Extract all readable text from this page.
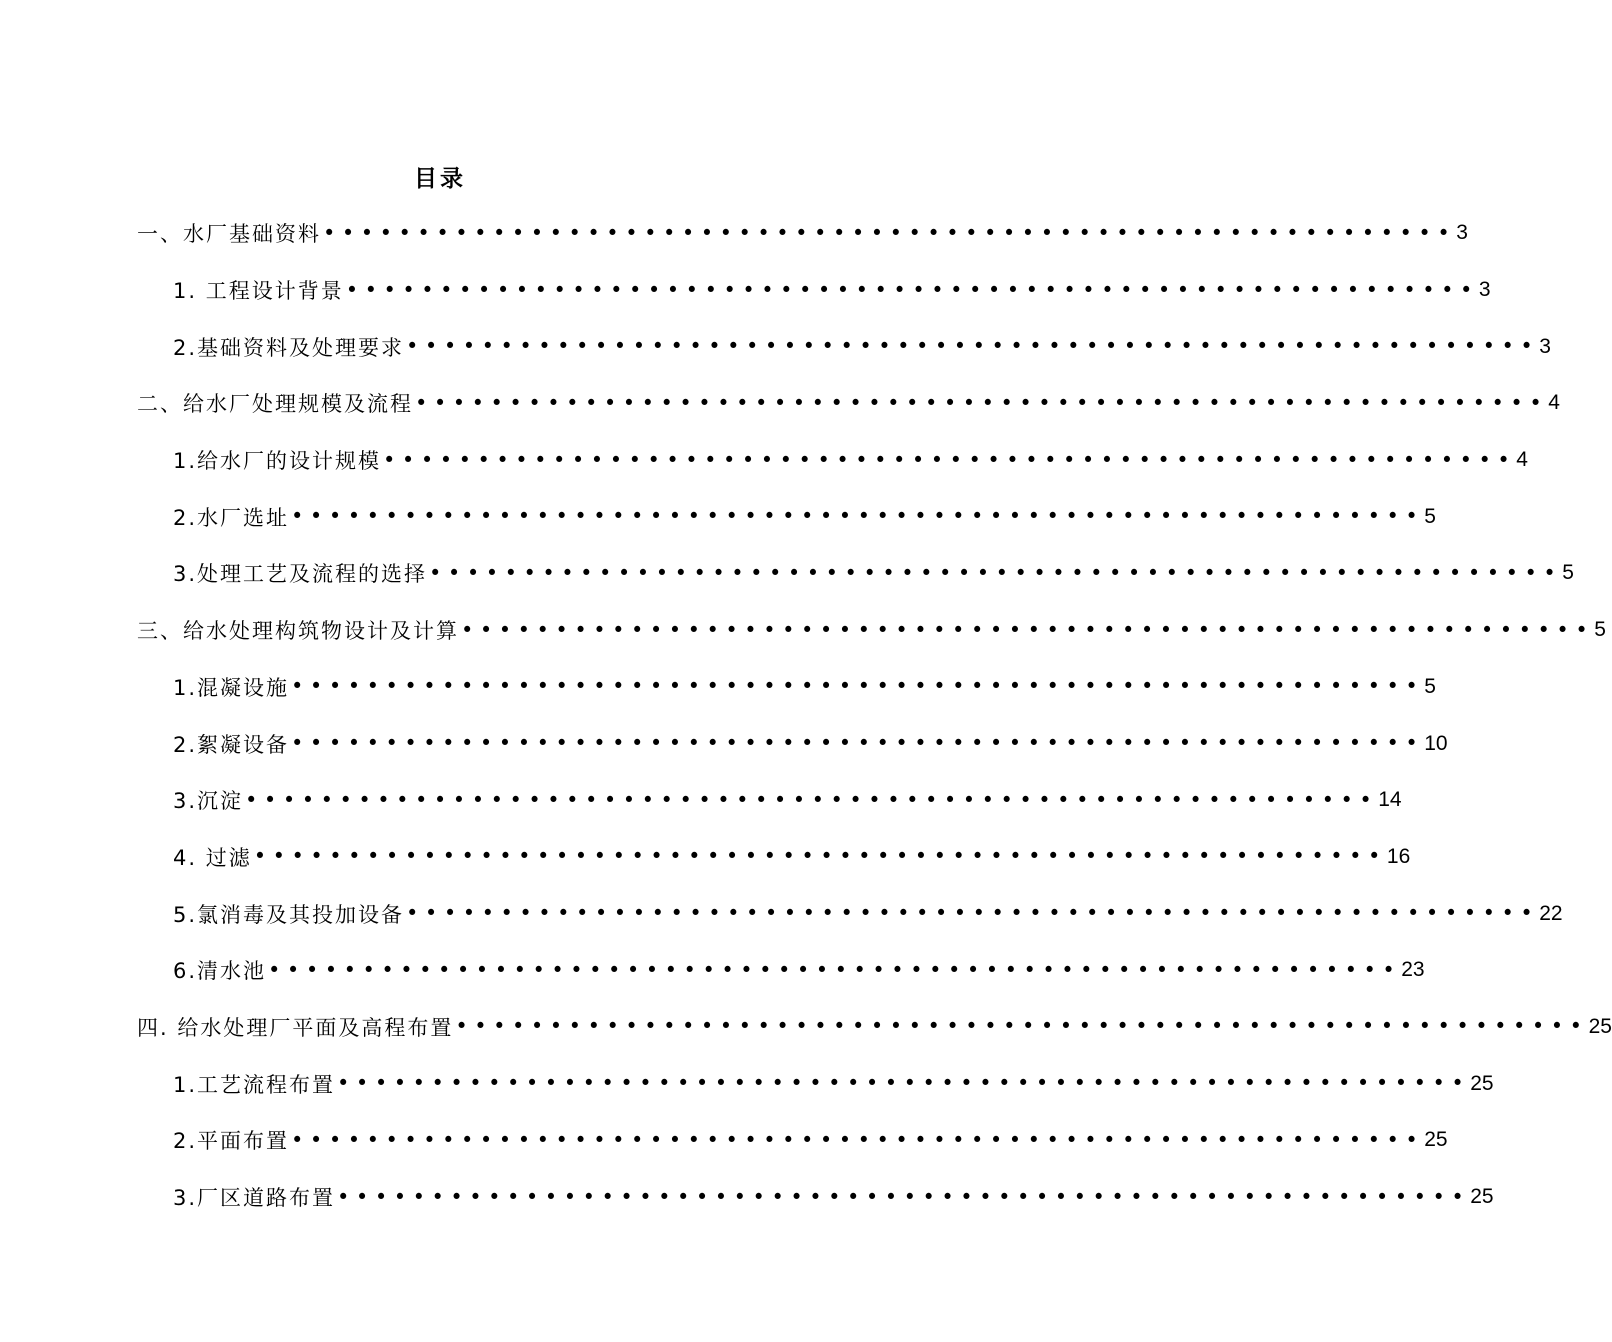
目录
一、水厂基础资料 •••••••••••••••••••••••••••••••••••••••••••••••••••••••••••• 3
1. 工程设计背景 •••••••••••••••••••••••••••••••••••••••••••••••••••••••••••• 3
2.基础资料及处理要求 •••••••••••••••••••••••••••••••••••••••••••••••••••••••••••• 3
二、给水厂处理规模及流程 •••••••••••••••••••••••••••••••••••••••••••••••••••••••••••• 4
1.给水厂的设计规模 •••••••••••••••••••••••••••••••••••••••••••••••••••••••••••• 4
2.水厂选址 •••••••••••••••••••••••••••••••••••••••••••••••••••••••••••• 5
3.处理工艺及流程的选择 •••••••••••••••••••••••••••••••••••••••••••••••••••••••••••• 5
三、给水处理构筑物设计及计算 •••••••••••••••••••••••••••••••••••••••••••••••••••••••••••• 5
1.混凝设施 •••••••••••••••••••••••••••••••••••••••••••••••••••••••••••• 5
2.絮凝设备 •••••••••••••••••••••••••••••••••••••••••••••••••••••••••••• 10
3.沉淀 •••••••••••••••••••••••••••••••••••••••••••••••••••••••••••• 14
4. 过滤 •••••••••••••••••••••••••••••••••••••••••••••••••••••••••••• 16
5.氯消毒及其投加设备 •••••••••••••••••••••••••••••••••••••••••••••••••••••••••••• 22
6.清水池 •••••••••••••••••••••••••••••••••••••••••••••••••••••••••••• 23
四. 给水处理厂平面及高程布置 •••••••••••••••••••••••••••••••••••••••••••••••••••••••••••• 25
1.工艺流程布置 •••••••••••••••••••••••••••••••••••••••••••••••••••••••••••• 25
2.平面布置 •••••••••••••••••••••••••••••••••••••••••••••••••••••••••••• 25
3.厂区道路布置 •••••••••••••••••••••••••••••••••••••••••••••••••••••••••••• 25
